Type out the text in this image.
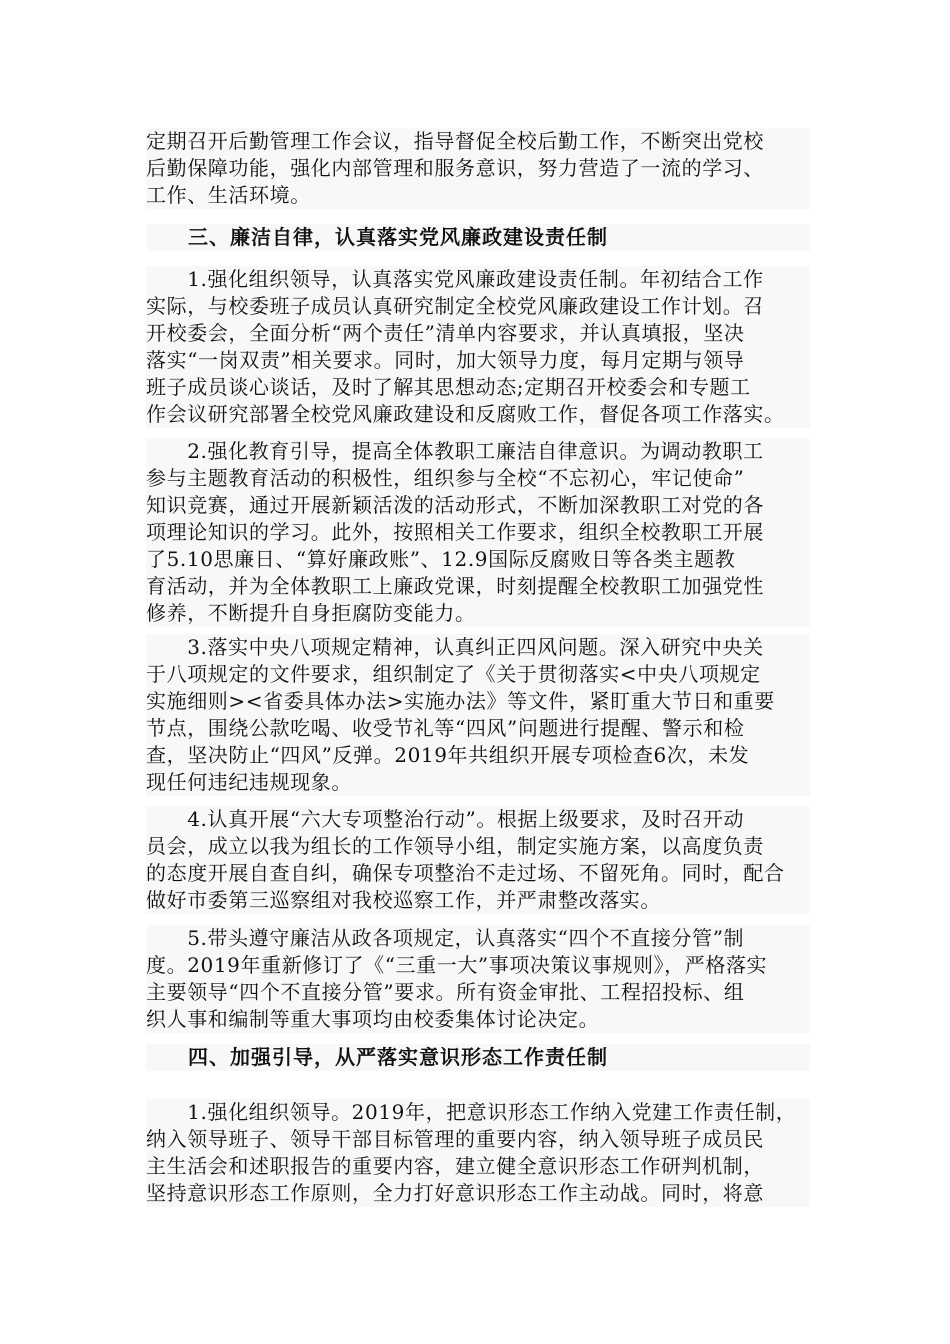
定期召开后勤管理工作会议，指导督促全校后勤工作，不断突出党校
后勤保障功能，强化内部管理和服务意识，努力营造了一流的学习、
工作、生活环境。
　　三、廉洁自律，认真落实党风廉政建设责任制
　　1.强化组织领导，认真落实党风廉政建设责任制。年初结合工作
实际，与校委班子成员认真研究制定全校党风廉政建设工作计划。召
开校委会，全面分析“两个责任”清单内容要求，并认真填报，坚决
落实“一岗双责”相关要求。同时，加大领导力度，每月定期与领导
班子成员谈心谈话，及时了解其思想动态;定期召开校委会和专题工
作会议研究部署全校党风廉政建设和反腐败工作，督促各项工作落实。
　　2.强化教育引导，提高全体教职工廉洁自律意识。为调动教职工
参与主题教育活动的积极性，组织参与全校“不忘初心，牢记使命”
知识竞赛，通过开展新颖活泼的活动形式，不断加深教职工对党的各
项理论知识的学习。此外，按照相关工作要求，组织全校教职工开展
了5.10思廉日、“算好廉政账”、12.9国际反腐败日等各类主题教
育活动，并为全体教职工上廉政党课，时刻提醒全校教职工加强党性
修养，不断提升自身拒腐防变能力。
　　3.落实中央八项规定精神，认真纠正四风问题。深入研究中央关
于八项规定的文件要求，组织制定了《关于贯彻落实<中央八项规定
实施细则><省委具体办法>实施办法》等文件，紧盯重大节日和重要
节点，围绕公款吃喝、收受节礼等“四风”问题进行提醒、警示和检
查，坚决防止“四风”反弹。2019年共组织开展专项检查6次，未发
现任何违纪违规现象。
　　4.认真开展“六大专项整治行动”。根据上级要求，及时召开动
员会，成立以我为组长的工作领导小组，制定实施方案，以高度负责
的态度开展自查自纠，确保专项整治不走过场、不留死角。同时，配合
做好市委第三巡察组对我校巡察工作，并严肃整改落实。
　　5.带头遵守廉洁从政各项规定，认真落实“四个不直接分管”制
度。2019年重新修订了《“三重一大”事项决策议事规则》，严格落实
主要领导“四个不直接分管”要求。所有资金审批、工程招投标、组
织人事和编制等重大事项均由校委集体讨论决定。
　　四、加强引导，从严落实意识形态工作责任制
　　1.强化组织领导。2019年，把意识形态工作纳入党建工作责任制，
纳入领导班子、领导干部目标管理的重要内容，纳入领导班子成员民
主生活会和述职报告的重要内容，建立健全意识形态工作研判机制，
坚持意识形态工作原则，全力打好意识形态工作主动战。同时，将意
